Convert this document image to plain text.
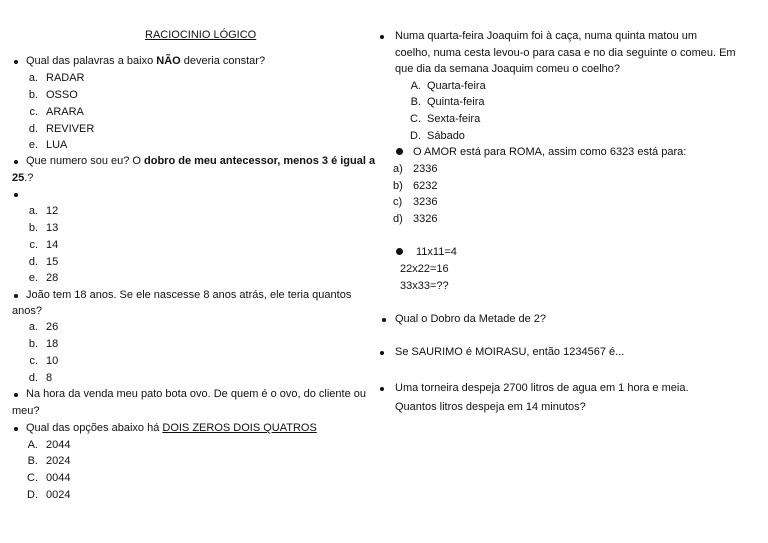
RACIOCINIO LÓGICO
Qual das palavras a baixo NÃO deveria constar?
a. RADAR
b. OSSO
c. ARARA
d. REVIVER
e. LUA
Que numero sou eu? O dobro de meu antecessor, menos 3 é igual a
25.?
a. 12
b. 13
c. 14
d. 15
e. 28
João tem 18 anos. Se ele nascesse 8 anos atrás, ele teria quantos
anos?
a. 26
b. 18
c. 10
d. 8
Na hora da venda meu pato bota ovo. De quem é o ovo, do cliente ou
meu?
Qual das opções abaixo há DOIS ZEROS DOIS QUATROS
A. 2044
B. 2024
C. 0044
D. 0024
Numa quarta-feira Joaquim foi à caça, numa quinta matou um
coelho, numa cesta levou-o para casa e no dia seguinte o comeu. Em
que dia da semana Joaquim comeu o coelho?
A. Quarta-feira
B. Quinta-feira
C. Sexta-feira
D. Sábado
O AMOR está para ROMA, assim como 6323 está para:
a) 2336
b) 6232
c) 3236
d) 3326
11x11=4
22x22=16
33x33=??
Qual o Dobro da Metade de 2?
Se SAURIMO é MOIRASU, então 1234567 é...
Uma torneira despeja 2700 litros de agua em 1 hora e meia.
Quantos litros despeja em 14 minutos?
